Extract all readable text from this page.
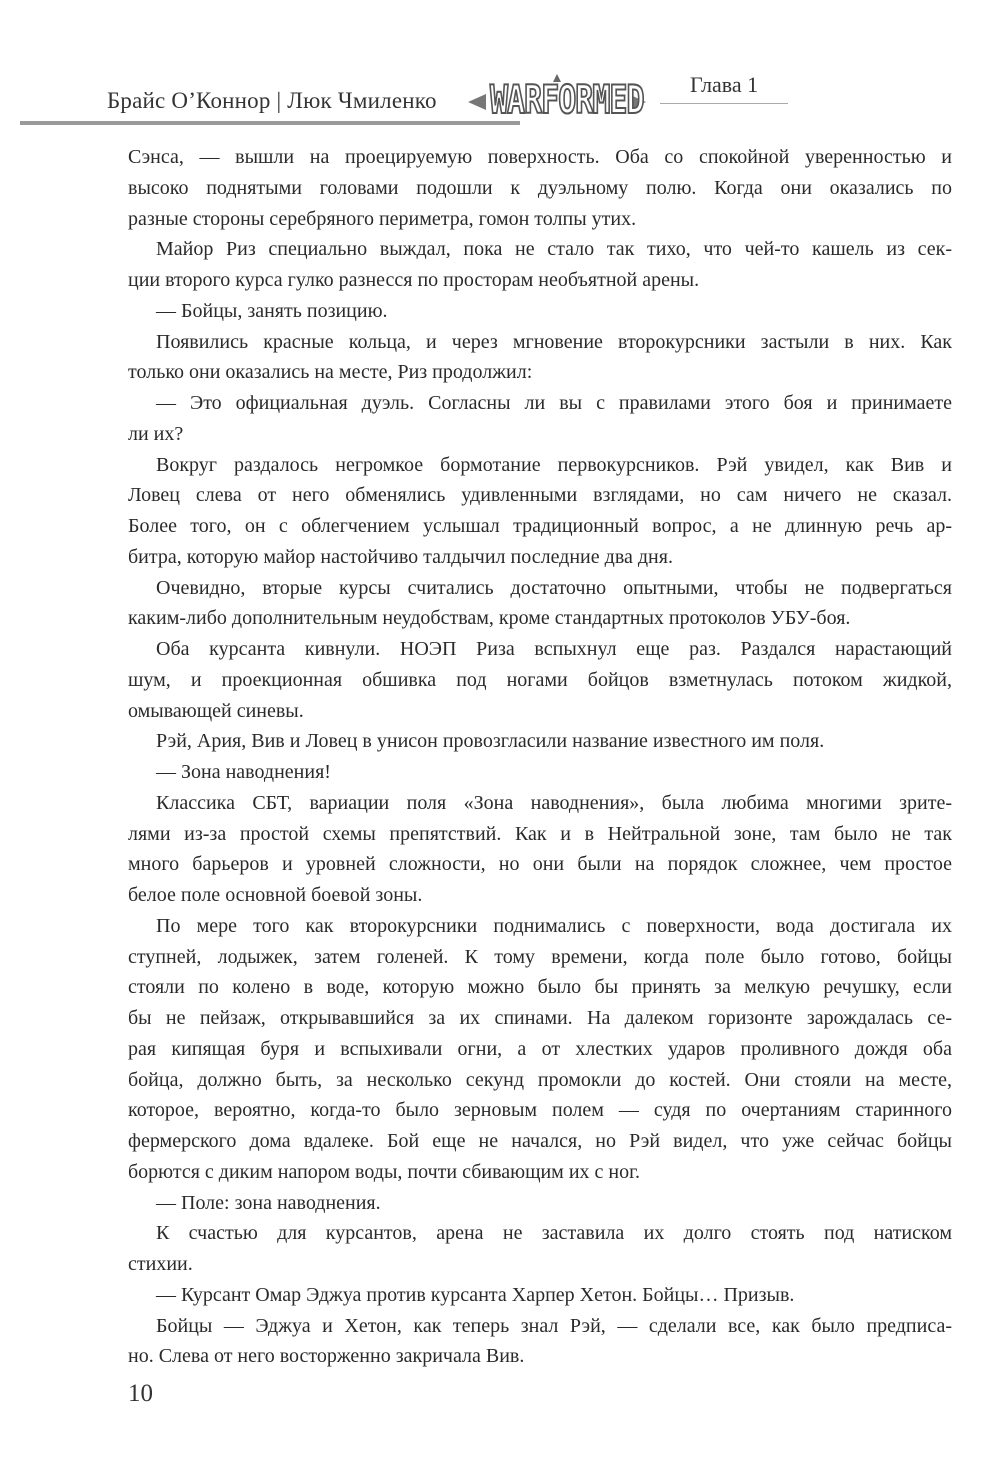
Брайс О’Коннор | Люк Чмиленко WARFORMED Глава 1
Сэнса, — вышли на проецируемую поверхность. Оба со спокойной уверенностью и
высоко поднятыми головами подошли к дуэльному полю. Когда они оказались по
разные стороны серебряного периметра, гомон толпы утих.
Майор Риз специально выждал, пока не стало так тихо, что чей-то кашель из сек-
ции второго курса гулко разнесся по просторам необъятной арены.
— Бойцы, занять позицию.
Появились красные кольца, и через мгновение второкурсники застыли в них. Как
только они оказались на месте, Риз продолжил:
— Это официальная дуэль. Согласны ли вы с правилами этого боя и принимаете
ли их?
Вокруг раздалось негромкое бормотание первокурсников. Рэй увидел, как Вив и
Ловец слева от него обменялись удивленными взглядами, но сам ничего не сказал.
Более того, он с облегчением услышал традиционный вопрос, а не длинную речь ар-
битра, которую майор настойчиво талдычил последние два дня.
Очевидно, вторые курсы считались достаточно опытными, чтобы не подвергаться
каким-либо дополнительным неудобствам, кроме стандартных протоколов УБУ-боя.
Оба курсанта кивнули. НОЭП Риза вспыхнул еще раз. Раздался нарастающий
шум, и проекционная обшивка под ногами бойцов взметнулась потоком жидкой,
омывающей синевы.
Рэй, Ария, Вив и Ловец в унисон провозгласили название известного им поля.
— Зона наводнения!
Классика СБТ, вариации поля «Зона наводнения», была любима многими зрите-
лями из-за простой схемы препятствий. Как и в Нейтральной зоне, там было не так
много барьеров и уровней сложности, но они были на порядок сложнее, чем простое
белое поле основной боевой зоны.
По мере того как второкурсники поднимались с поверхности, вода достигала их
ступней, лодыжек, затем голеней. К тому времени, когда поле было готово, бойцы
стояли по колено в воде, которую можно было бы принять за мелкую речушку, если
бы не пейзаж, открывавшийся за их спинами. На далеком горизонте зарождалась се-
рая кипящая буря и вспыхивали огни, а от хлестких ударов проливного дождя оба
бойца, должно быть, за несколько секунд промокли до костей. Они стояли на месте,
которое, вероятно, когда-то было зерновым полем — судя по очертаниям старинного
фермерского дома вдалеке. Бой еще не начался, но Рэй видел, что уже сейчас бойцы
борются с диким напором воды, почти сбивающим их с ног.
— Поле: зона наводнения.
К счастью для курсантов, арена не заставила их долго стоять под натиском
стихии.
— Курсант Омар Эджуа против курсанта Харпер Хетон. Бойцы… Призыв.
Бойцы — Эджуа и Хетон, как теперь знал Рэй, — сделали все, как было предписа-
но. Слева от него восторженно закричала Вив.
10
